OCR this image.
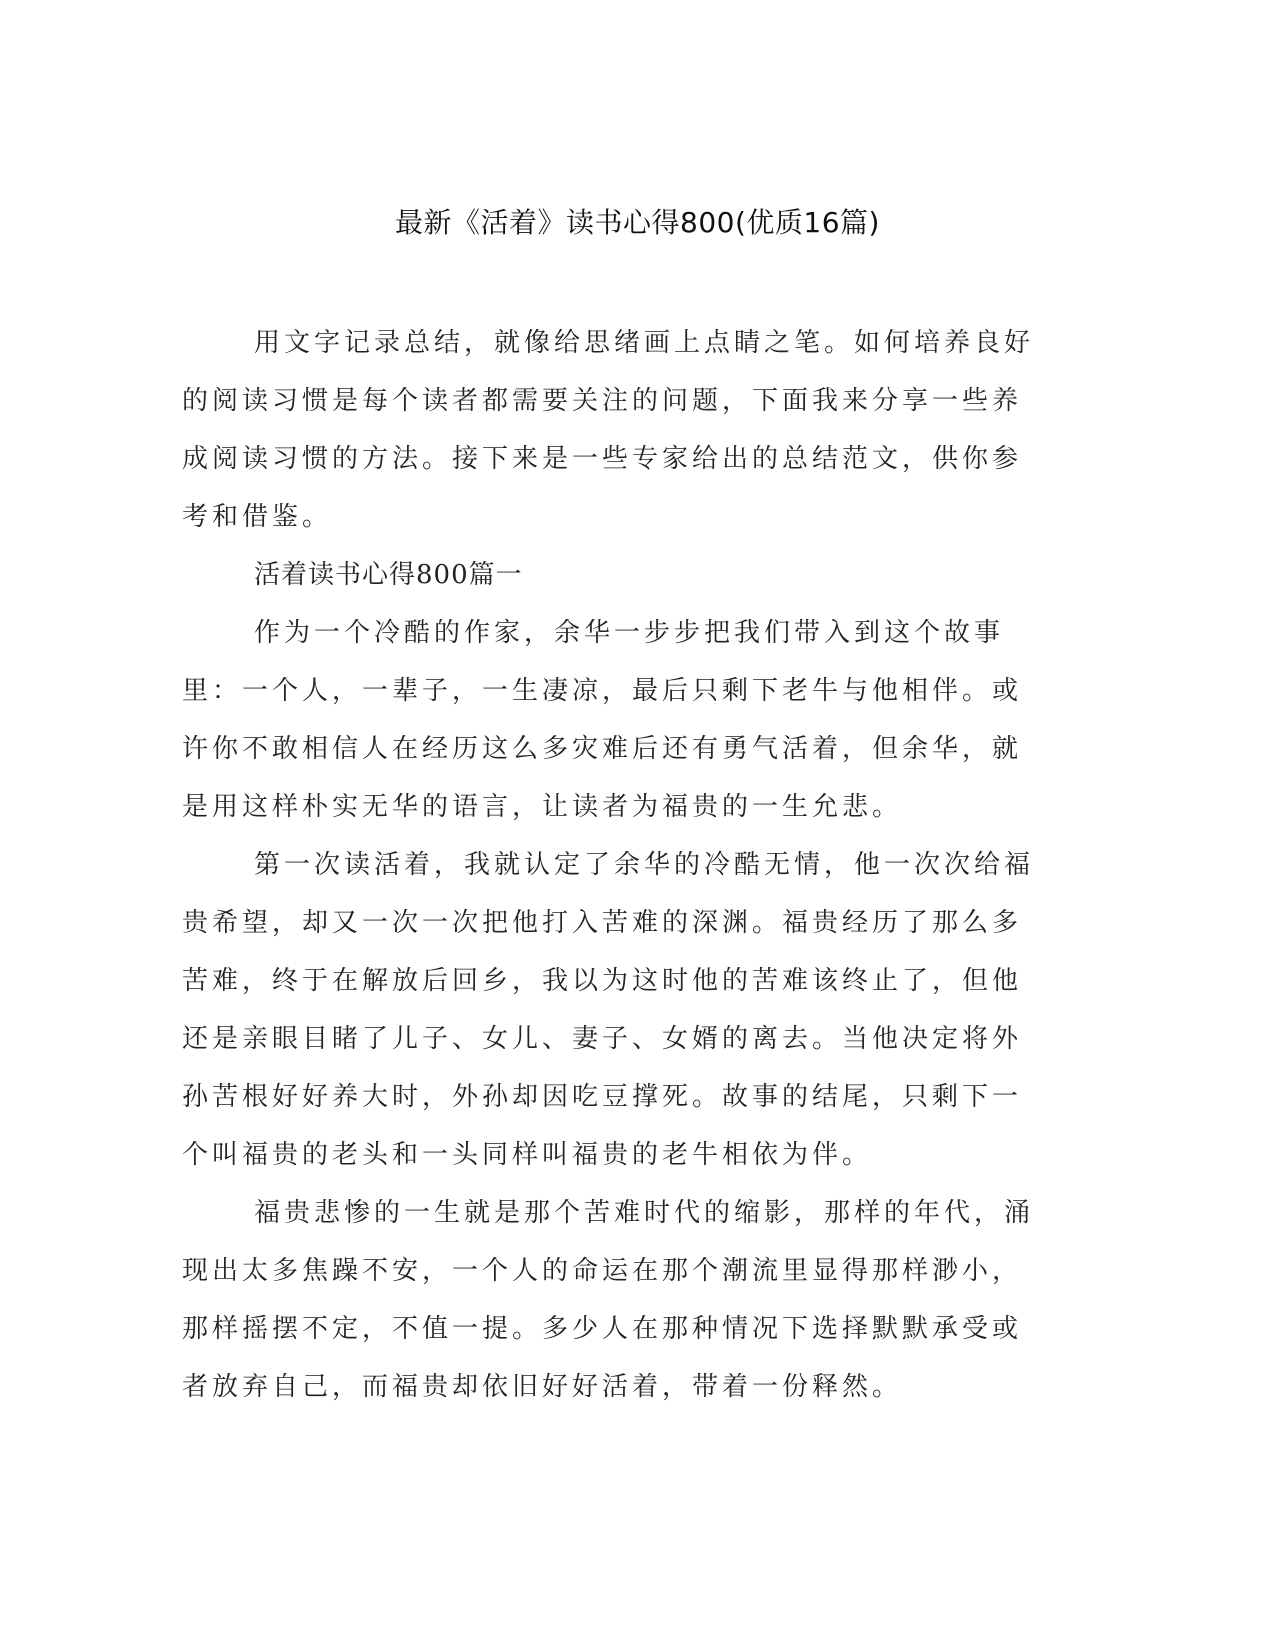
最新《活着》读书心得800(优质16篇)

用文字记录总结，就像给思绪画上点睛之笔。如何培养良好的阅读习惯是每个读者都需要关注的问题，下面我来分享一些养成阅读习惯的方法。接下来是一些专家给出的总结范文，供你参考和借鉴。

活着读书心得800篇一

作为一个冷酷的作家，余华一步步把我们带入到这个故事里：一个人，一辈子，一生凄凉，最后只剩下老牛与他相伴。或许你不敢相信人在经历这么多灾难后还有勇气活着，但余华，就是用这样朴实无华的语言，让读者为福贵的一生允悲。

第一次读活着，我就认定了余华的冷酷无情，他一次次给福贵希望，却又一次一次把他打入苦难的深渊。福贵经历了那么多苦难，终于在解放后回乡，我以为这时他的苦难该终止了，但他还是亲眼目睹了儿子、女儿、妻子、女婿的离去。当他决定将外孙苦根好好养大时，外孙却因吃豆撑死。故事的结尾，只剩下一个叫福贵的老头和一头同样叫福贵的老牛相依为伴。

福贵悲惨的一生就是那个苦难时代的缩影，那样的年代，涌现出太多焦躁不安，一个人的命运在那个潮流里显得那样渺小，那样摇摆不定，不值一提。多少人在那种情况下选择默默承受或者放弃自己，而福贵却依旧好好活着，带着一份释然。
